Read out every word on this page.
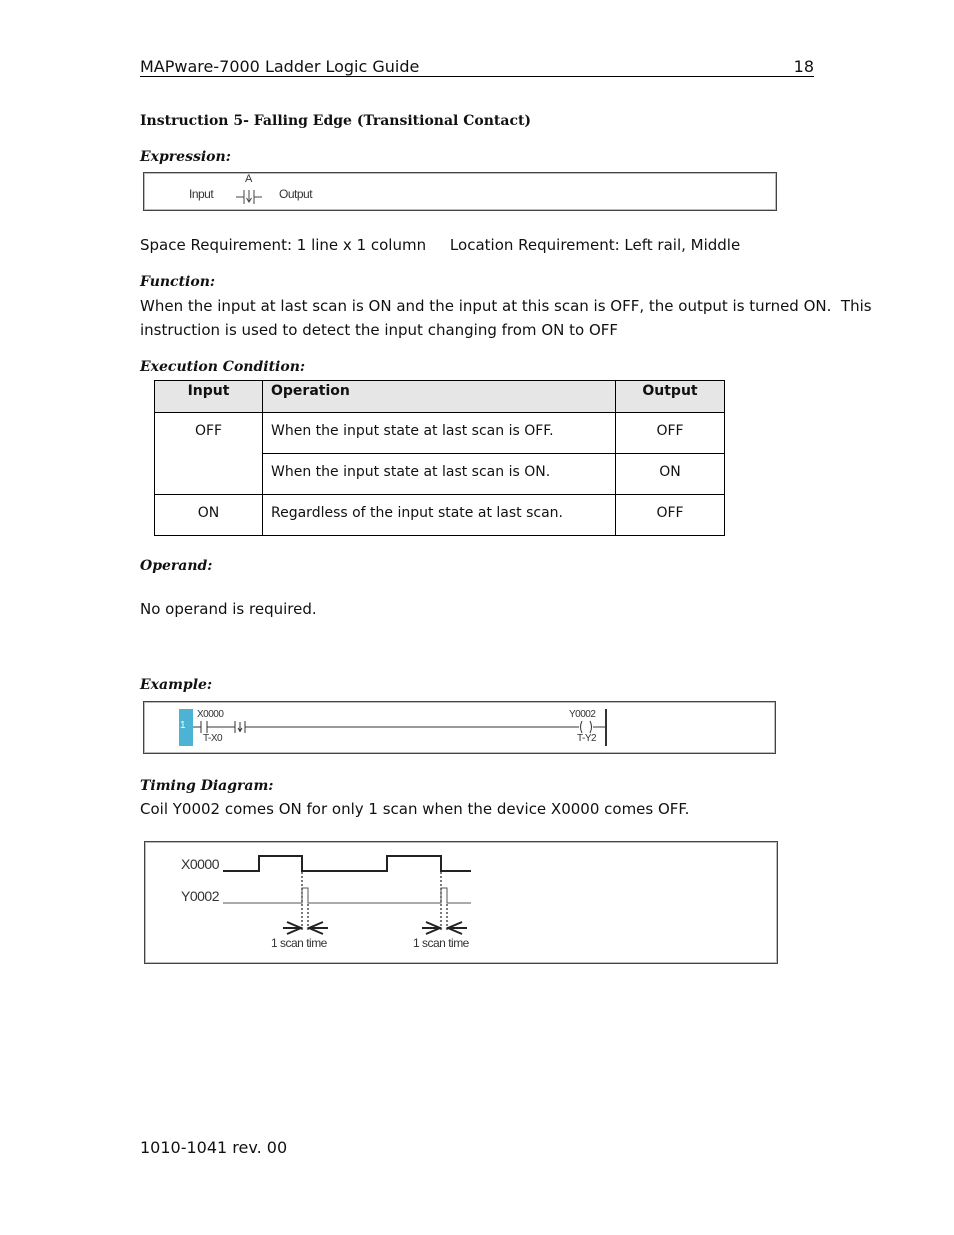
MAPware-7000 Ladder Logic Guide	18
Instruction 5- Falling Edge (Transitional Contact)
Expression:
A
Input	Output
Space Requirement: 1 line x 1 column     Location Requirement: Left rail, Middle
Function:
When the input at last scan is ON and the input at this scan is OFF, the output is turned ON.  This
instruction is used to detect the input changing from ON to OFF
Execution Condition:
Input	Operation	Output
OFF	When the input state at last scan is OFF.	OFF
	When the input state at last scan is ON.	ON
ON	Regardless of the input state at last scan.	OFF
Operand:
No operand is required.
Example:
1
X0000
T-X0
Y0002
T-Y2
Timing Diagram:
Coil Y0002 comes ON for only 1 scan when the device X0000 comes OFF.
X0000
Y0002
1 scan time	1 scan time
1010-1041 rev. 00
